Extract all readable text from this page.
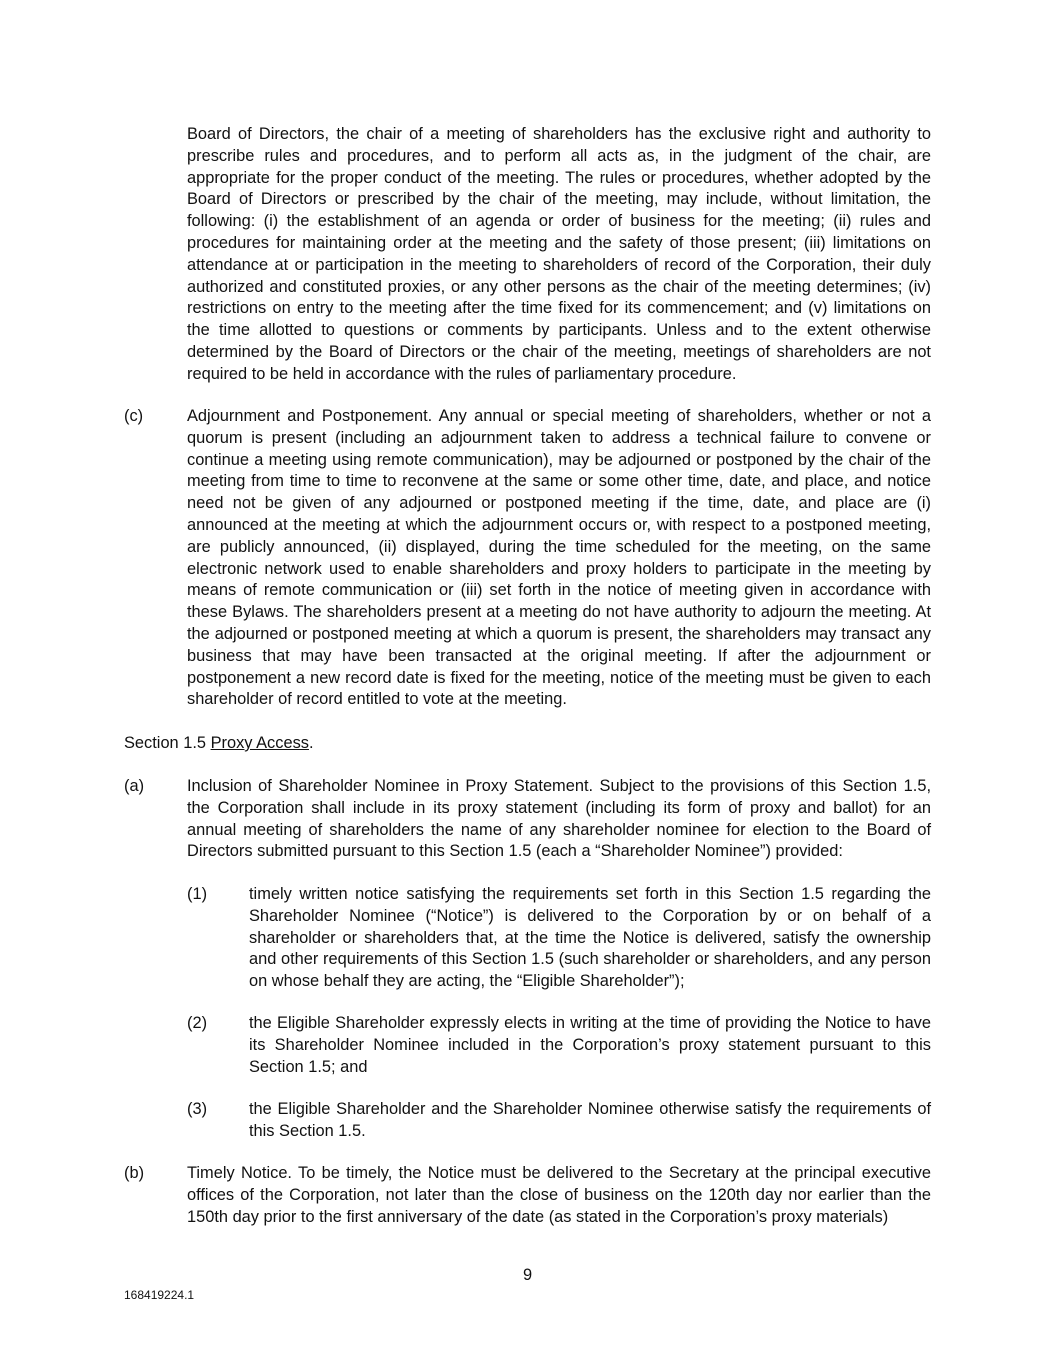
Board of Directors, the chair of a meeting of shareholders has the exclusive right and authority to prescribe rules and procedures, and to perform all acts as, in the judgment of the chair, are appropriate for the proper conduct of the meeting. The rules or procedures, whether adopted by the Board of Directors or prescribed by the chair of the meeting, may include, without limitation, the following: (i) the establishment of an agenda or order of business for the meeting; (ii) rules and procedures for maintaining order at the meeting and the safety of those present; (iii) limitations on attendance at or participation in the meeting to shareholders of record of the Corporation, their duly authorized and constituted proxies, or any other persons as the chair of the meeting determines; (iv) restrictions on entry to the meeting after the time fixed for its commencement; and (v) limitations on the time allotted to questions or comments by participants. Unless and to the extent otherwise determined by the Board of Directors or the chair of the meeting, meetings of shareholders are not required to be held in accordance with the rules of parliamentary procedure.

(c)	Adjournment and Postponement. Any annual or special meeting of shareholders, whether or not a quorum is present (including an adjournment taken to address a technical failure to convene or continue a meeting using remote communication), may be adjourned or postponed by the chair of the meeting from time to time to reconvene at the same or some other time, date, and place, and notice need not be given of any adjourned or postponed meeting if the time, date, and place are (i) announced at the meeting at which the adjournment occurs or, with respect to a postponed meeting, are publicly announced, (ii) displayed, during the time scheduled for the meeting, on the same electronic network used to enable shareholders and proxy holders to participate in the meeting by means of remote communication or (iii) set forth in the notice of meeting given in accordance with these Bylaws. The shareholders present at a meeting do not have authority to adjourn the meeting. At the adjourned or postponed meeting at which a quorum is present, the shareholders may transact any business that may have been transacted at the original meeting. If after the adjournment or postponement a new record date is fixed for the meeting, notice of the meeting must be given to each shareholder of record entitled to vote at the meeting.

Section 1.5 Proxy Access.
(a)	Inclusion of Shareholder Nominee in Proxy Statement. Subject to the provisions of this Section 1.5, the Corporation shall include in its proxy statement (including its form of proxy and ballot) for an annual meeting of shareholders the name of any shareholder nominee for election to the Board of Directors submitted pursuant to this Section 1.5 (each a “Shareholder Nominee”) provided:

(1)	timely written notice satisfying the requirements set forth in this Section 1.5 regarding the Shareholder Nominee (“Notice”) is delivered to the Corporation by or on behalf of a shareholder or shareholders that, at the time the Notice is delivered, satisfy the ownership and other requirements of this Section 1.5 (such shareholder or shareholders, and any person on whose behalf they are acting, the “Eligible Shareholder”);

(2)	the Eligible Shareholder expressly elects in writing at the time of providing the Notice to have its Shareholder Nominee included in the Corporation’s proxy statement pursuant to this Section 1.5; and

(3)	the Eligible Shareholder and the Shareholder Nominee otherwise satisfy the requirements of this Section 1.5.

(b)	Timely Notice. To be timely, the Notice must be delivered to the Secretary at the principal executive offices of the Corporation, not later than the close of business on the 120th day nor earlier than the 150th day prior to the first anniversary of the date (as stated in the Corporation’s proxy materials)

9
168419224.1
